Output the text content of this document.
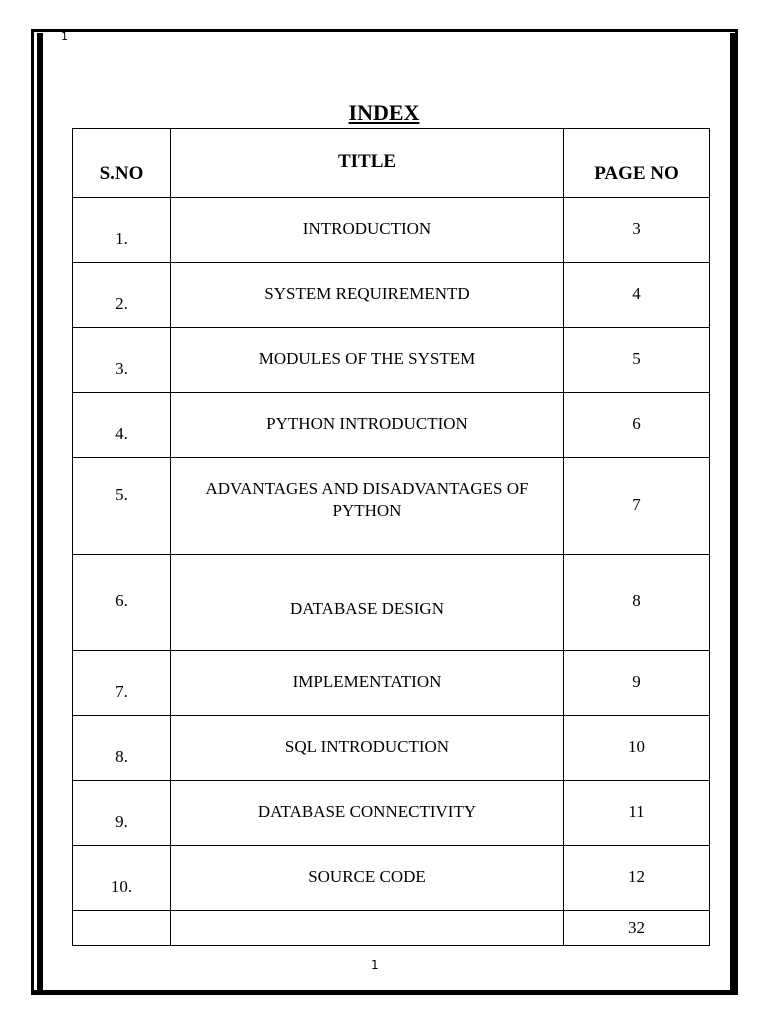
1
INDEX
S.NO	TITLE	PAGE NO

1.	INTRODUCTION	3

2.	SYSTEM REQUIREMENTD	4

3.	MODULES OF THE SYSTEM	5

4.	PYTHON INTRODUCTION	6

5.	ADVANTAGES AND DISADVANTAGES OF PYTHON	7

6.	DATABASE DESIGN	8

7.	IMPLEMENTATION	9

8.	SQL INTRODUCTION	10

9.	DATABASE CONNECTIVITY	11

10.	SOURCE CODE	12

		32
1
